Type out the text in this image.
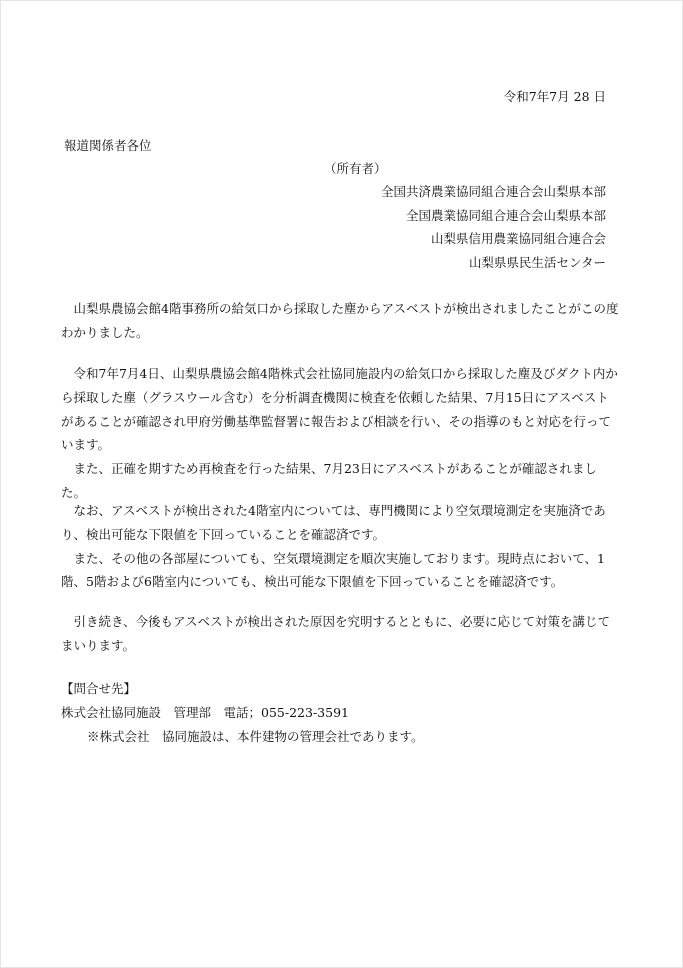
令和7年7月 28 日
報道関係者各位
（所有者）
全国共済農業協同組合連合会山梨県本部
全国農業協同組合連合会山梨県本部
山梨県信用農業協同組合連合会
山梨県県民生活センター

山梨県農協会館4階事務所の給気口から採取した塵からアスベストが検出されましたことがこの度わかりました。

令和7年7月4日、山梨県農協会館4階株式会社協同施設内の給気口から採取した塵及びダクト内から採取した塵（グラスウール含む）を分析調査機関に検査を依頼した結果、7月15日にアスベストがあることが確認され甲府労働基準監督署に報告および相談を行い、その指導のもと対応を行っています。

また、正確を期すため再検査を行った結果、7月23日にアスベストがあることが確認されました。

なお、アスベストが検出された4階室内については、専門機関により空気環境測定を実施済であり、検出可能な下限値を下回っていることを確認済です。

また、その他の各部屋についても、空気環境測定を順次実施しております。現時点において、1階、5階および6階室内についても、検出可能な下限値を下回っていることを確認済です。

引き続き、今後もアスベストが検出された原因を究明するとともに、必要に応じて対策を講じてまいります。

【問合せ先】
株式会社協同施設　管理部　電話；055-223-3591
※株式会社　協同施設は、本件建物の管理会社であります。
